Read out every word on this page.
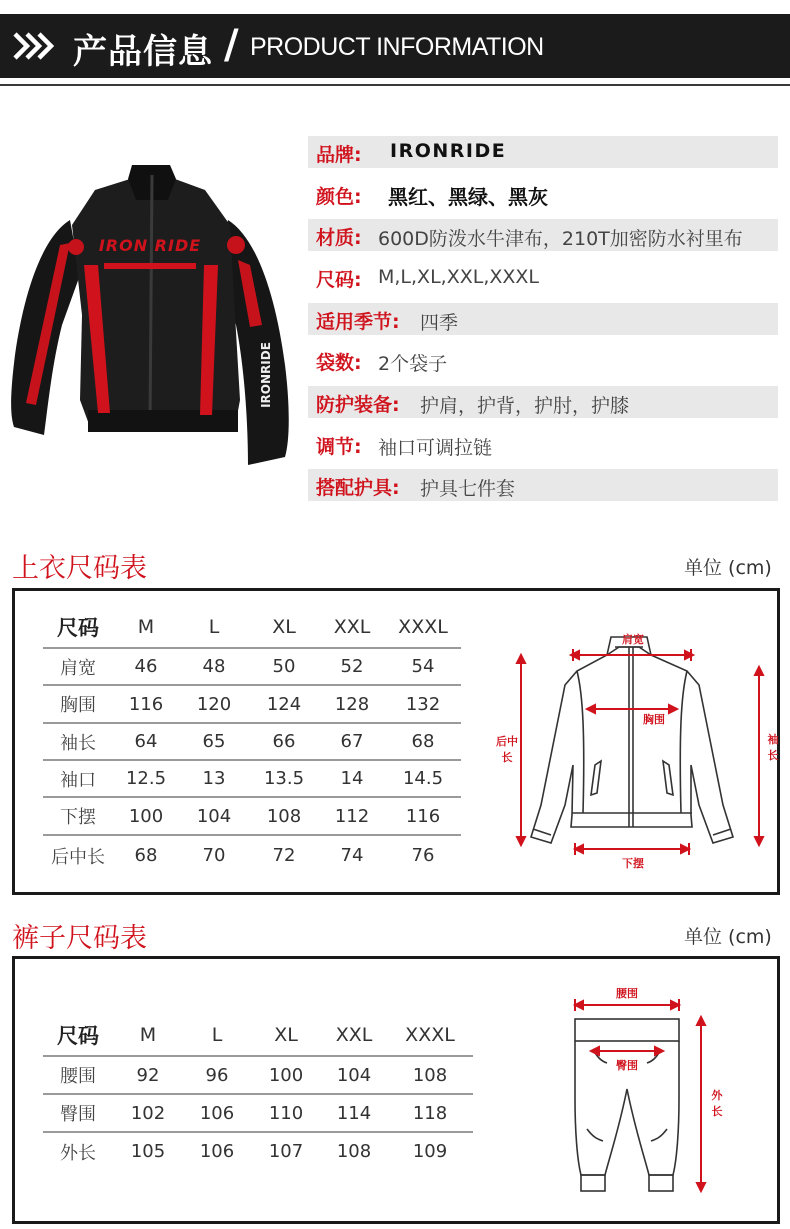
产品信息 / PRODUCT INFORMATION
IRON RIDE
IRONRIDE
品牌: IRONRIDE
颜色: 黑红、黑绿、黑灰
材质: 600D防泼水牛津布，210T加密防水衬里布
尺码: M,L,XL,XXL,XXXL
适用季节: 四季
袋数: 2个袋子
防护装备: 护肩，护背，护肘，护膝
调节: 袖口可调拉链
搭配护具: 护具七件套
上衣尺码表	单位 (cm)
尺码	M	L	XL	XXL	XXXL
肩宽	46	48	50	52	54
胸围	116	120	124	128	132
袖长	64	65	66	67	68
袖口	12.5	13	13.5	14	14.5
下摆	100	104	108	112	116
后中长	68	70	72	74	76
肩宽
胸围
后中
长
袖
长
下摆
裤子尺码表	单位 (cm)
尺码	M	L	XL	XXL	XXXL
腰围	92	96	100	104	108
臀围	102	106	110	114	118
外长	105	106	107	108	109
腰围
臀围
外
长
